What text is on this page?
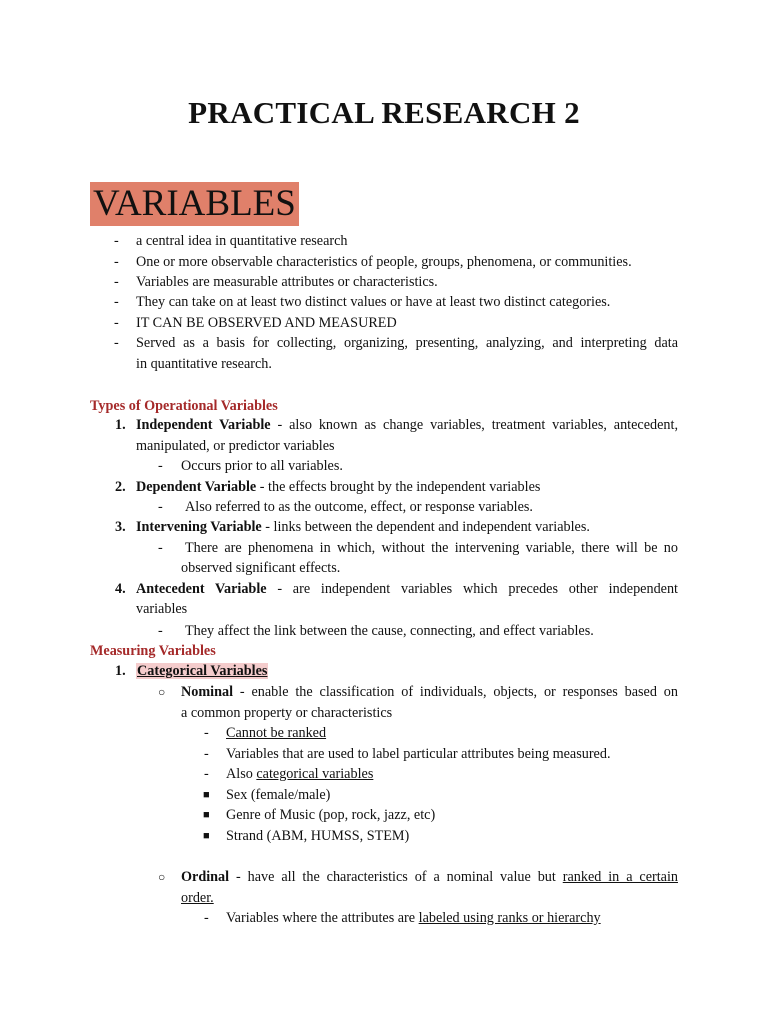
PRACTICAL RESEARCH 2
VARIABLES
- a central idea in quantitative research
- One or more observable characteristics of people, groups, phenomena, or communities.
- Variables are measurable attributes or characteristics.
- They can take on at least two distinct values or have at least two distinct categories.
- IT CAN BE OBSERVED AND MEASURED
- Served as a basis for collecting, organizing, presenting, analyzing, and interpreting data
in quantitative research.
Types of Operational Variables
1. Independent Variable - also known as change variables, treatment variables, antecedent,
manipulated, or predictor variables
- Occurs prior to all variables.
2. Dependent Variable - the effects brought by the independent variables
- Also referred to as the outcome, effect, or response variables.
3. Intervening Variable - links between the dependent and independent variables.
- There are phenomena in which, without the intervening variable, there will be no
observed significant effects.
4. Antecedent Variable - are independent variables which precedes other independent
variables
- They affect the link between the cause, connecting, and effect variables.
Measuring Variables
1. Categorical Variables
○ Nominal - enable the classification of individuals, objects, or responses based on
a common property or characteristics
- Cannot be ranked
- Variables that are used to label particular attributes being measured.
- Also categorical variables
■ Sex (female/male)
■ Genre of Music (pop, rock, jazz, etc)
■ Strand (ABM, HUMSS, STEM)
○ Ordinal - have all the characteristics of a nominal value but ranked in a certain
order.
- Variables where the attributes are labeled using ranks or hierarchy
